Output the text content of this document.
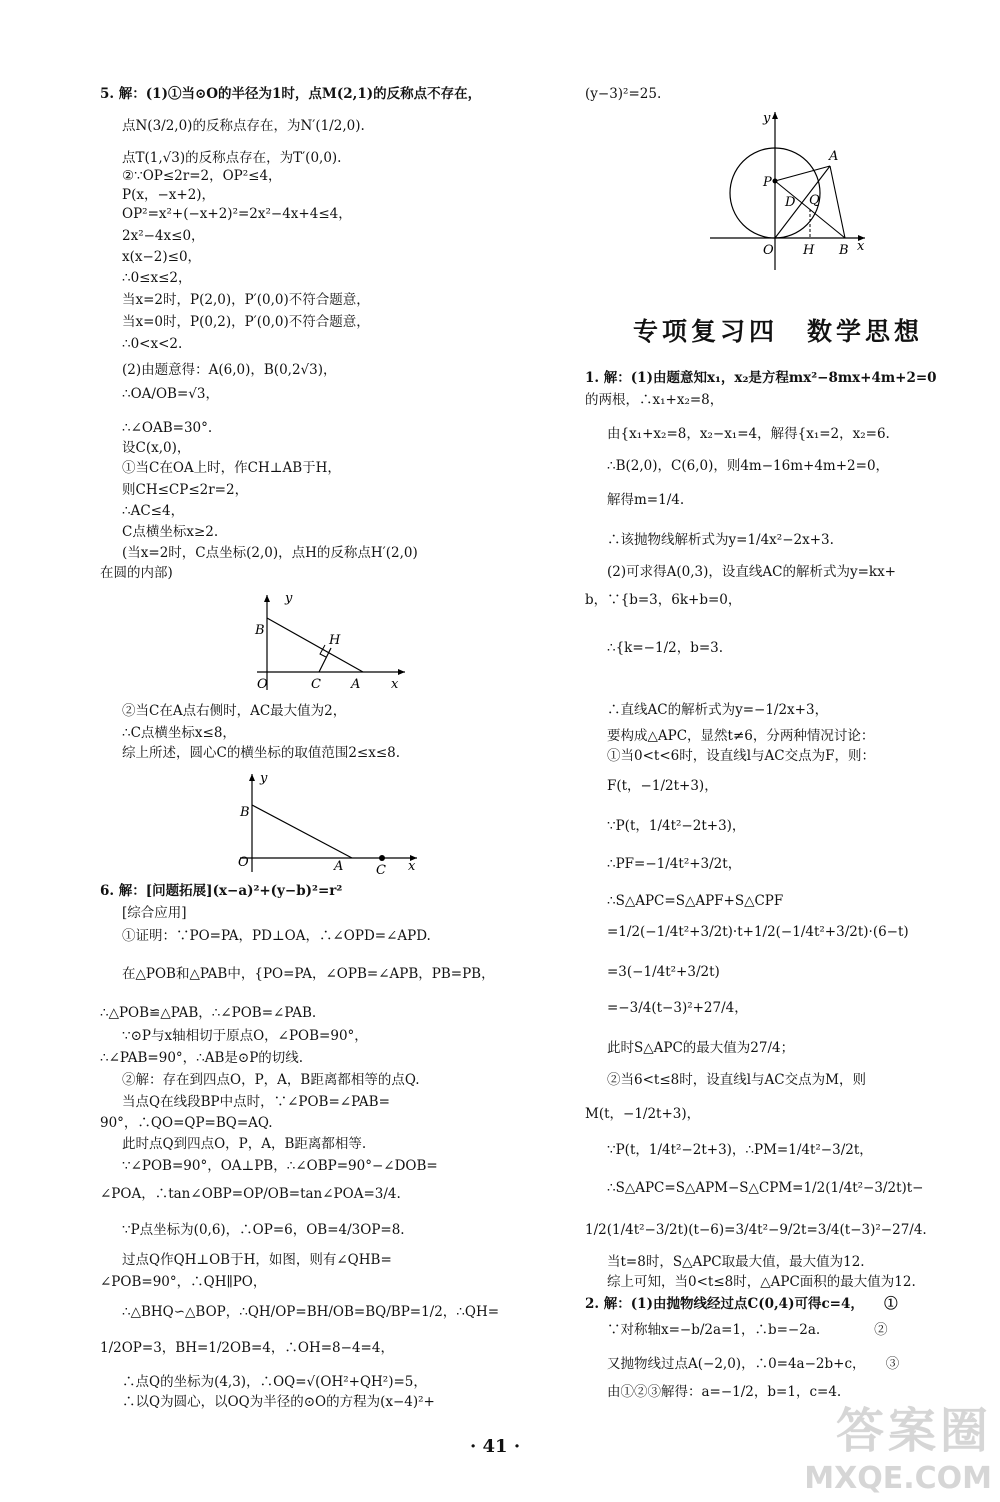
5. 解：(1)①当⊙O的半径为1时，点M(2,1)的反称点不存在，
点N(3/2,0)的反称点存在，为N′(1/2,0).
点T(1,√3)的反称点存在，为T′(0,0).
②∵OP≤2r=2，OP²≤4，
P(x，−x+2)，
OP²=x²+(−x+2)²=2x²−4x+4≤4，
2x²−4x≤0，
x(x−2)≤0，
∴0≤x≤2，
当x=2时，P(2,0)，P′(0,0)不符合题意，
当x=0时，P(0,2)，P′(0,0)不符合题意，
∴0<x<2.
(2)由题意得：A(6,0)，B(0,2√3)，
∴OA/OB=√3，
∴∠OAB=30°.
设C(x,0)，
①当C在OA上时，作CH⊥AB于H，
则CH≤CP≤2r=2，
∴AC≤4，
C点横坐标x≥2.
(当x=2时，C点坐标(2,0)，点H的反称点H′(2,0)
在圆的内部)
②当C在A点右侧时，AC最大值为2，
∴C点横坐标x≤8，
综上所述，圆心C的横坐标的取值范围2≤x≤8.
6. 解：[问题拓展](x−a)²+(y−b)²=r²
[综合应用]
①证明：∵PO=PA，PD⊥OA，∴∠OPD=∠APD.
在△POB和△PAB中，{PO=PA，∠OPB=∠APB，PB=PB，
∴△POB≌△PAB，∴∠POB=∠PAB.
∵⊙P与x轴相切于原点O，∠POB=90°，
∴∠PAB=90°，∴AB是⊙P的切线.
②解：存在到四点O，P，A，B距离都相等的点Q.
当点Q在线段BP中点时，∵∠POB=∠PAB=
90°，∴QO=QP=BQ=AQ.
此时点Q到四点O，P，A，B距离都相等.
∵∠POB=90°，OA⊥PB，∴∠OBP=90°−∠DOB=
∠POA，∴tan∠OBP=OP/OB=tan∠POA=3/4.
∵P点坐标为(0,6)，∴OP=6，OB=4/3OP=8.
过点Q作QH⊥OB于H，如图，则有∠QHB=
∠POB=90°，∴QH∥PO，
∴△BHQ∽△BOP，∴QH/OP=BH/OB=BQ/BP=1/2，∴QH=
1/2OP=3，BH=1/2OB=4，∴OH=8−4=4，
∴点Q的坐标为(4,3)，∴OQ=√(OH²+QH²)=5，
∴以Q为圆心，以OQ为半径的⊙O的方程为(x−4)²+
y
B
H
O	C A x
y
B
O	A	C x
(y−3)²=25.
1. 解：(1)由题意知x₁，x₂是方程mx²−8mx+4m+2=0
的两根，∴x₁+x₂=8，
由{x₁+x₂=8，x₂−x₁=4，解得{x₁=2，x₂=6.
∴B(2,0)，C(6,0)，则4m−16m+4m+2=0，
解得m=1/4.
∴该抛物线解析式为y=1/4x²−2x+3.
(2)可求得A(0,3)，设直线AC的解析式为y=kx+
b，∵{b=3，6k+b=0，
∴{k=−1/2，b=3.
∴直线AC的解析式为y=−1/2x+3，
要构成△APC，显然t≠6，分两种情况讨论：
①当0<t<6时，设直线l与AC交点为F，则：
F(t，−1/2t+3)，
∵P(t，1/4t²−2t+3)，
∴PF=−1/4t²+3/2t，
∴S△APC=S△APF+S△CPF
=1/2(−1/4t²+3/2t)·t+1/2(−1/4t²+3/2t)·(6−t)
=3(−1/4t²+3/2t)
=−3/4(t−3)²+27/4，
此时S△APC的最大值为27/4；
②当6<t≤8时，设直线l与AC交点为M，则
M(t，−1/2t+3)，
∵P(t，1/4t²−2t+3)，∴PM=1/4t²−3/2t，
∴S△APC=S△APM−S△CPM=1/2(1/4t²−3/2t)t−
1/2(1/4t²−3/2t)(t−6)=3/4t²−9/2t=3/4(t−3)²−27/4.
当t=8时，S△APC取最大值，最大值为12.
综上可知，当0<t≤8时，△APC面积的最大值为12.
2. 解：(1)由抛物线经过点C(0,4)可得c=4，　　①
∵对称轴x=−b/2a=1，∴b=−2a.　　　　②
又抛物线过点A(−2,0)，∴0=4a−2b+c，　　③
由①②③解得：a=−1/2，b=1，c=4.
y
A
P
D Q
O H B x
专项复习四　数学思想
· 41 ·	答案圈
MXQE.COM
